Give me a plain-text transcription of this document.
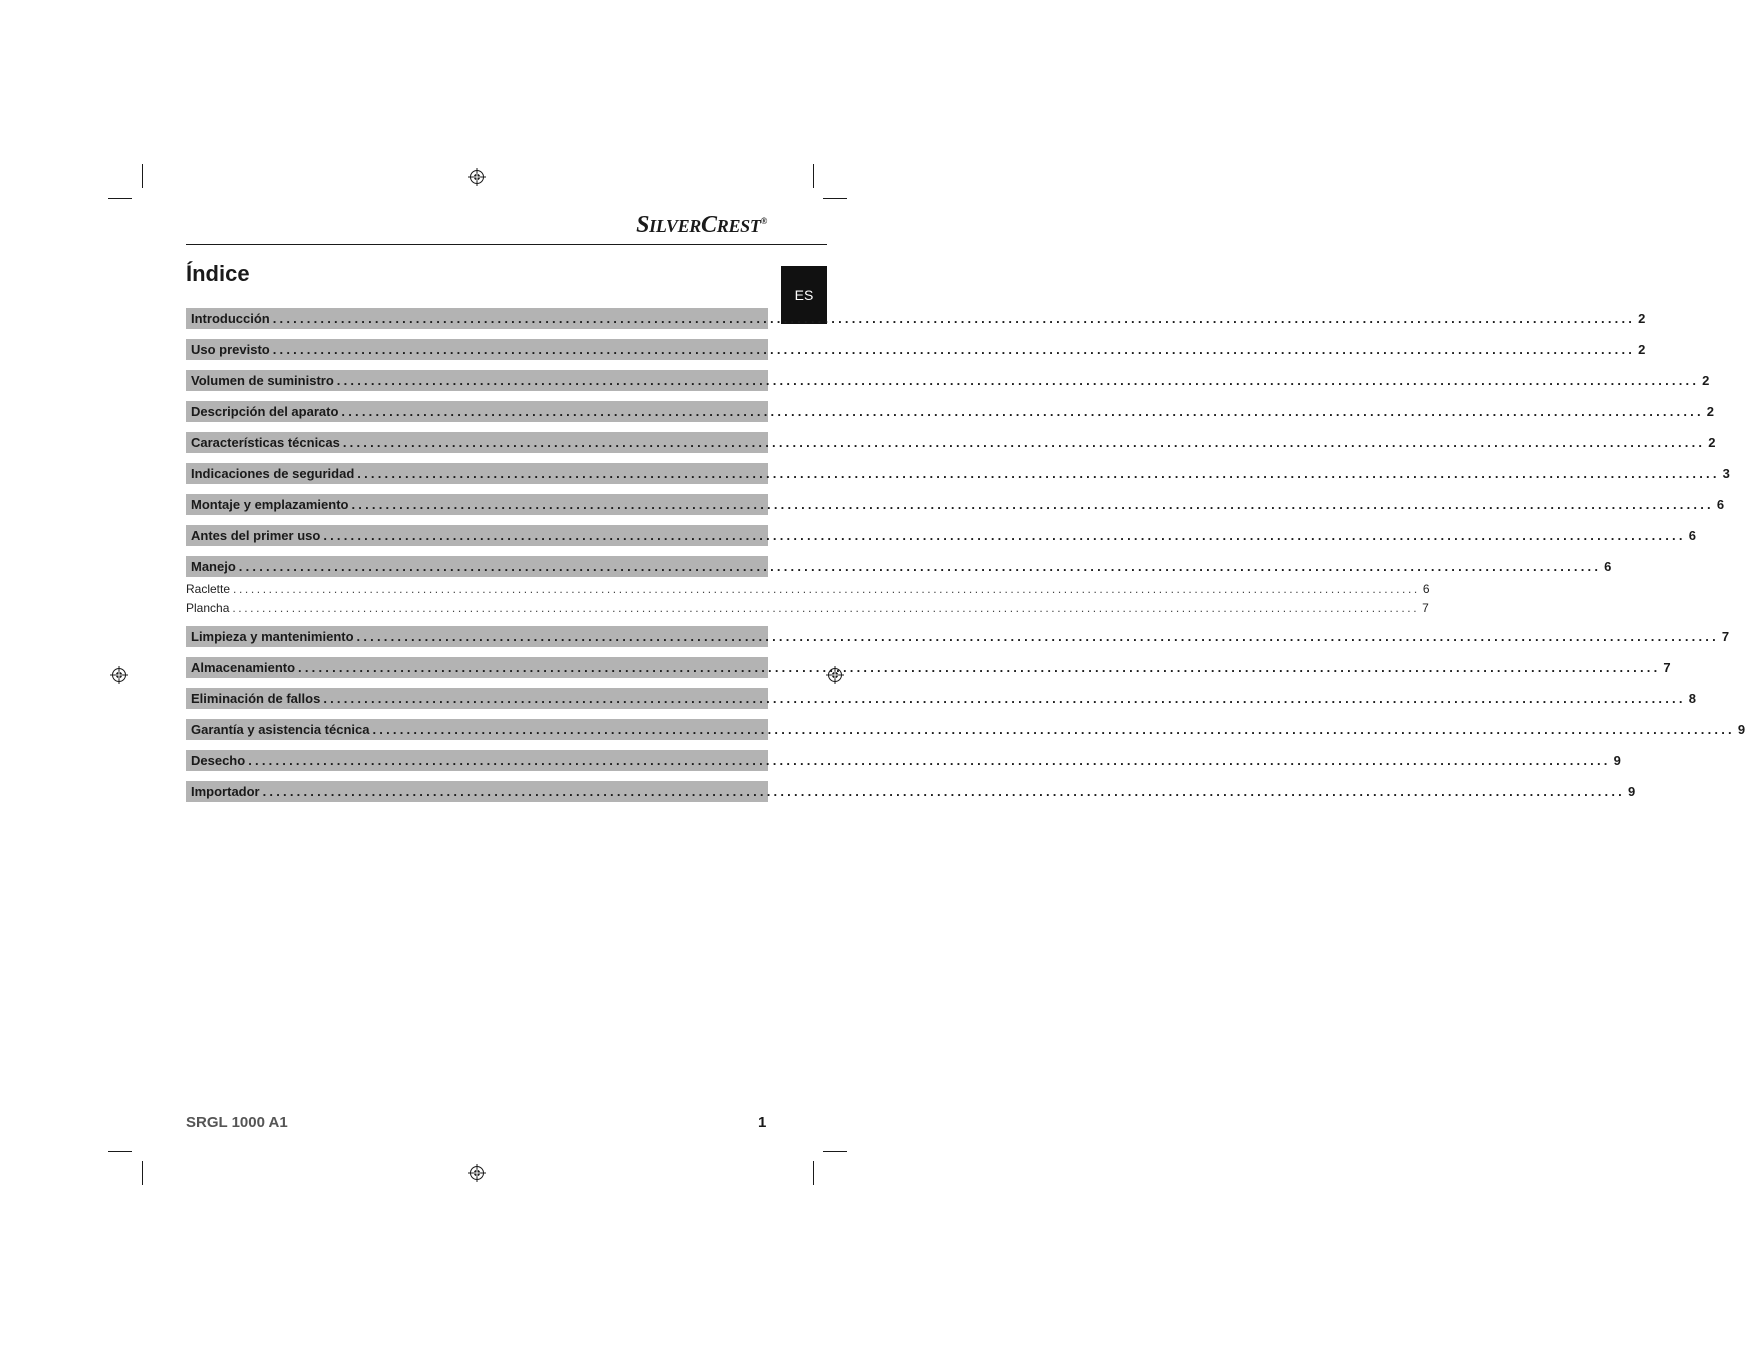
SILVERCREST®
ES
Índice
Introducción ........................................................................................................................................................................................................ 2
Uso previsto ........................................................................................................................................................................................................ 2
Volumen de suministro ........................................................................................................................................................................................................ 2
Descripción del aparato ........................................................................................................................................................................................................ 2
Características técnicas ........................................................................................................................................................................................................ 2
Indicaciones de seguridad ........................................................................................................................................................................................................ 3
Montaje y emplazamiento ........................................................................................................................................................................................................ 6
Antes del primer uso ........................................................................................................................................................................................................ 6
Manejo ........................................................................................................................................................................................................ 6
Raclette ........................................................................................................................................................................................................ 6
Plancha ........................................................................................................................................................................................................ 7
Limpieza y mantenimiento ........................................................................................................................................................................................................ 7
Almacenamiento ........................................................................................................................................................................................................ 7
Eliminación de fallos ........................................................................................................................................................................................................ 8
Garantía y asistencia técnica ........................................................................................................................................................................................................ 9
Desecho ........................................................................................................................................................................................................ 9
Importador ........................................................................................................................................................................................................ 9
SRGL 1000 A1	1
